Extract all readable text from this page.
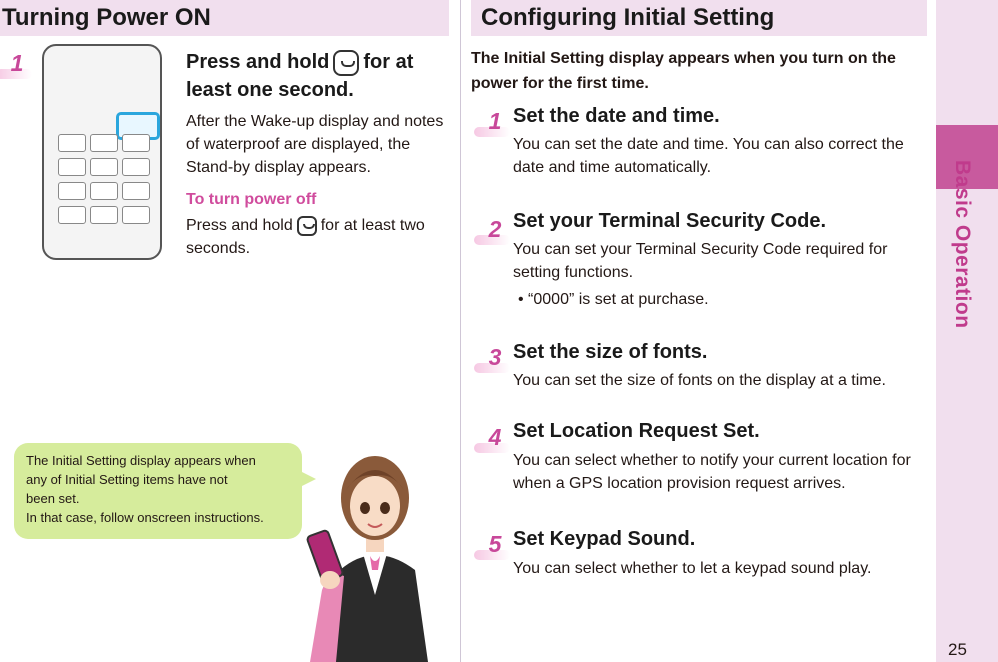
Turning Power ON
1	Press and hold for at least one second.
After the Wake-up display and notes of waterproof are displayed, the Stand-by display appears.
To turn power off
Press and hold for at least two seconds.
The Initial Setting display appears when
any of Initial Setting items have not
been set.
In that case, follow onscreen instructions.
Configuring Initial Setting
The Initial Setting display appears when you turn on the power for the first time.
1 Set the date and time.
You can set the date and time. You can also correct the date and time automatically.
2 Set your Terminal Security Code.
You can set your Terminal Security Code required for setting functions.
• “0000” is set at purchase.
3 Set the size of fonts.
You can set the size of fonts on the display at a time.
4 Set Location Request Set.
You can select whether to notify your current location for when a GPS location provision request arrives.
5 Set Keypad Sound.
You can select whether to let a keypad sound play.
Basic Operation
25
